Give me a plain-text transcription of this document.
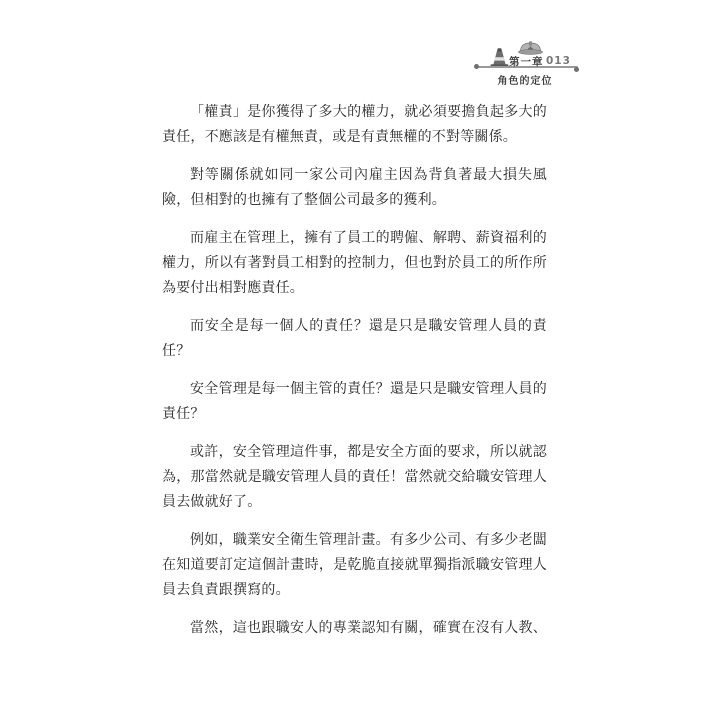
第一章 013
角色的定位
「權責」是你獲得了多大的權力，就必須要擔負起多大的
責任，不應該是有權無責，或是有責無權的不對等關係。
對等關係就如同一家公司內雇主因為背負著最大損失風
險，但相對的也擁有了整個公司最多的獲利。
而雇主在管理上，擁有了員工的聘僱、解聘、薪資福利的
權力，所以有著對員工相對的控制力，但也對於員工的所作所
為要付出相對應責任。
而安全是每一個人的責任？還是只是職安管理人員的責
任？
安全管理是每一個主管的責任？還是只是職安管理人員的
責任？
或許，安全管理這件事，都是安全方面的要求，所以就認
為，那當然就是職安管理人員的責任！當然就交給職安管理人
員去做就好了。
例如，職業安全衛生管理計畫。有多少公司、有多少老闆
在知道要訂定這個計畫時，是乾脆直接就單獨指派職安管理人
員去負責跟撰寫的。
當然，這也跟職安人的專業認知有關，確實在沒有人教、
